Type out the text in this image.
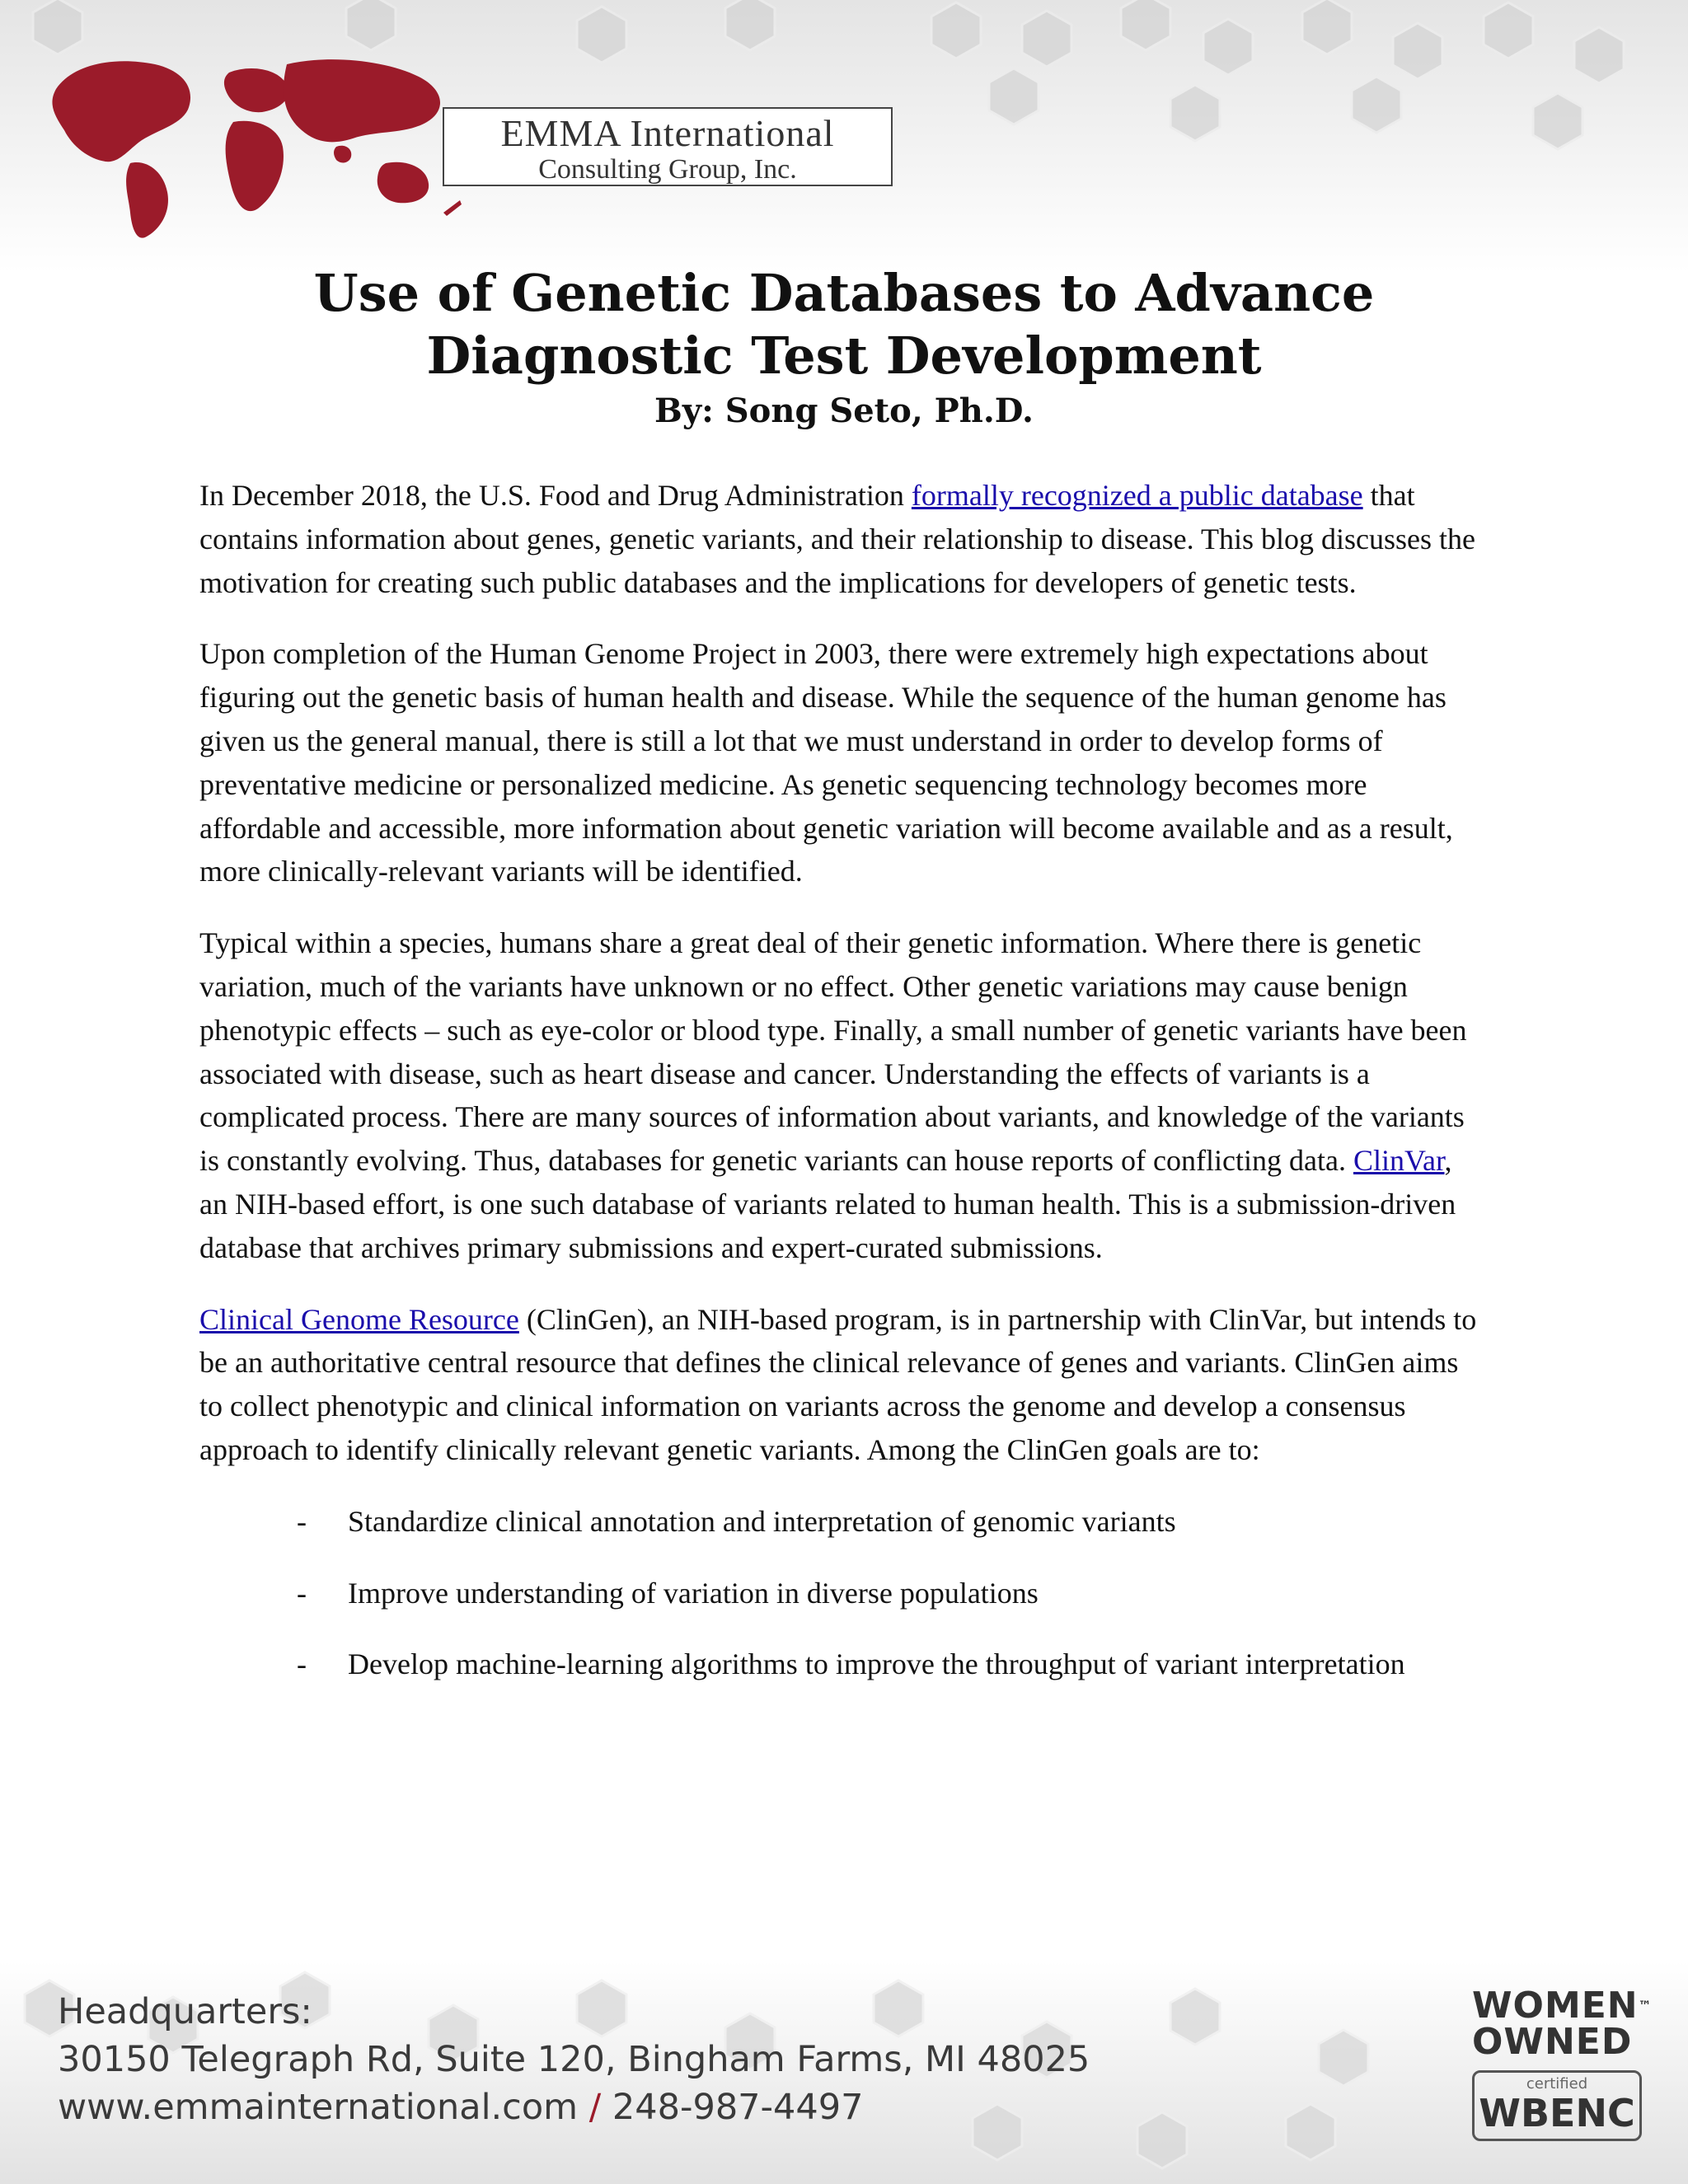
EMMA International
Consulting Group, Inc.
Use of Genetic Databases to Advance
Diagnostic Test Development
By: Song Seto, Ph.D.

In December 2018, the U.S. Food and Drug Administration formally recognized a public database that contains information about genes, genetic variants, and their relationship to disease. This blog discusses the motivation for creating such public databases and the implications for developers of genetic tests.

Upon completion of the Human Genome Project in 2003, there were extremely high expectations about figuring out the genetic basis of human health and disease. While the sequence of the human genome has given us the general manual, there is still a lot that we must understand in order to develop forms of preventative medicine or personalized medicine. As genetic sequencing technology becomes more affordable and accessible, more information about genetic variation will become available and as a result, more clinically-relevant variants will be identified.

Typical within a species, humans share a great deal of their genetic information. Where there is genetic variation, much of the variants have unknown or no effect. Other genetic variations may cause benign phenotypic effects – such as eye-color or blood type. Finally, a small number of genetic variants have been associated with disease, such as heart disease and cancer. Understanding the effects of variants is a complicated process. There are many sources of information about variants, and knowledge of the variants is constantly evolving. Thus, databases for genetic variants can house reports of conflicting data. ClinVar, an NIH-based effort, is one such database of variants related to human health. This is a submission-driven database that archives primary submissions and expert-curated submissions.

Clinical Genome Resource (ClinGen), an NIH-based program, is in partnership with ClinVar, but intends to be an authoritative central resource that defines the clinical relevance of genes and variants. ClinGen aims to collect phenotypic and clinical information on variants across the genome and develop a consensus approach to identify clinically relevant genetic variants. Among the ClinGen goals are to:

- Standardize clinical annotation and interpretation of genomic variants
- Improve understanding of variation in diverse populations
- Develop machine-learning algorithms to improve the throughput of variant interpretation
Headquarters:
30150 Telegraph Rd, Suite 120, Bingham Farms, MI 48025
www.emmainternational.com / 248-987-4497
WOMEN™
OWNED
certified
WBENC
